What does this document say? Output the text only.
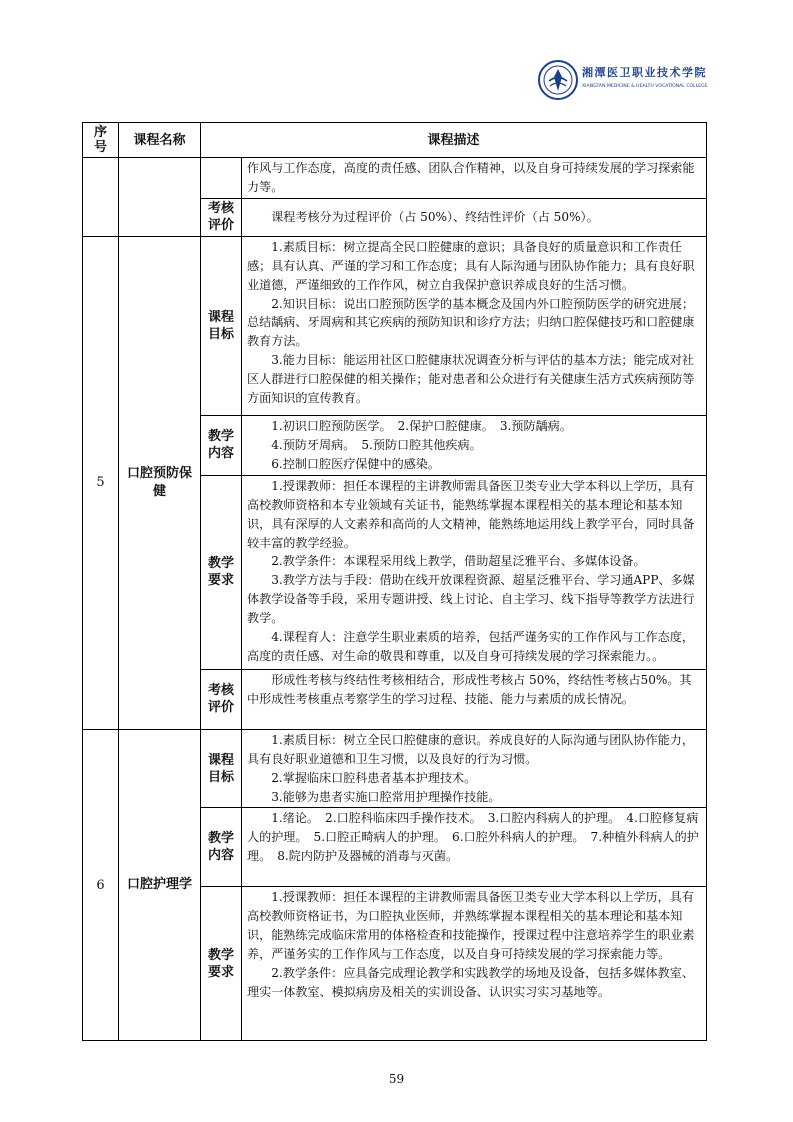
湘潭医卫职业技术学院
XIANGTAN MEDICINE & HEALTH VOCATIONAL COLLEGE
序号	课程名称	课程描述	

			作风与工作态度，高度的责任感、团队合作精神，以及自身可持续发展的学习探索能力等。

		考核评价	课程考核分为过程评价（占 50%）、终结性评价（占 50%）。

5	口腔预防保健	课程目标	1.素质目标：树立提高全民口腔健康的意识；具备良好的质量意识和工作责任感；具有认真、严谨的学习和工作态度；具有人际沟通与团队协作能力；具有良好职业道德，严谨细致的工作作风，树立自我保护意识养成良好的生活习惯。

2.知识目标：说出口腔预防医学的基本概念及国内外口腔预防医学的研究进展；总结龋病、牙周病和其它疾病的预防知识和诊疗方法；归纳口腔保健技巧和口腔健康教育方法。

3.能力目标：能运用社区口腔健康状况调查分析与评估的基本方法；能完成对社区人群进行口腔保健的相关操作；能对患者和公众进行有关健康生活方式疾病预防等方面知识的宣传教育。

		教学内容	1.初识口腔预防医学。　2.保护口腔健康。　3.预防龋病。

4.预防牙周病。　5.预防口腔其他疾病。

6.控制口腔医疗保健中的感染。

		教学要求	1.授课教师：担任本课程的主讲教师需具备医卫类专业大学本科以上学历，具有高校教师资格和本专业领域有关证书，能熟练掌握本课程相关的基本理论和基本知识，具有深厚的人文素养和高尚的人文精神，能熟练地运用线上教学平台，同时具备较丰富的教学经验。

2.教学条件：本课程采用线上教学，借助超星泛雅平台、多媒体设备。

3.教学方法与手段：借助在线开放课程资源、超星泛雅平台、学习通APP、多媒体教学设备等手段，采用专题讲授、线上讨论、自主学习、线下指导等教学方法进行教学。

4.课程育人：注意学生职业素质的培养，包括严谨务实的工作作风与工作态度，高度的责任感、对生命的敬畏和尊重，以及自身可持续发展的学习探索能力。。

		考核评价	形成性考核与终结性考核相结合，形成性考核占 50%，终结性考核占50%。其中形成性考核重点考察学生的学习过程、技能、能力与素质的成长情况。

6	口腔护理学	课程目标	1.素质目标：树立全民口腔健康的意识。养成良好的人际沟通与团队协作能力，具有良好职业道德和卫生习惯，以及良好的行为习惯。

2.掌握临床口腔科患者基本护理技术。

3.能够为患者实施口腔常用护理操作技能。

		教学内容	1.绪论。　2.口腔科临床四手操作技术。　3.口腔内科病人的护理。　4.口腔修复病人的护理。　5.口腔正畸病人的护理。　6.口腔外科病人的护理。　7.种植外科病人的护理。　8.院内防护及器械的消毒与灭菌。

		教学要求	1.授课教师：担任本课程的主讲教师需具备医卫类专业大学本科以上学历，具有高校教师资格证书，为口腔执业医师，并熟练掌握本课程相关的基本理论和基本知识，能熟练完成临床常用的体格检查和技能操作，授课过程中注意培养学生的职业素养，严谨务实的工作作风与工作态度，以及自身可持续发展的学习探索能力等。

2.教学条件：应具备完成理论教学和实践教学的场地及设备，包括多媒体教室、理实一体教室、模拟病房及相关的实训设备、认识实习实习基地等。

59
